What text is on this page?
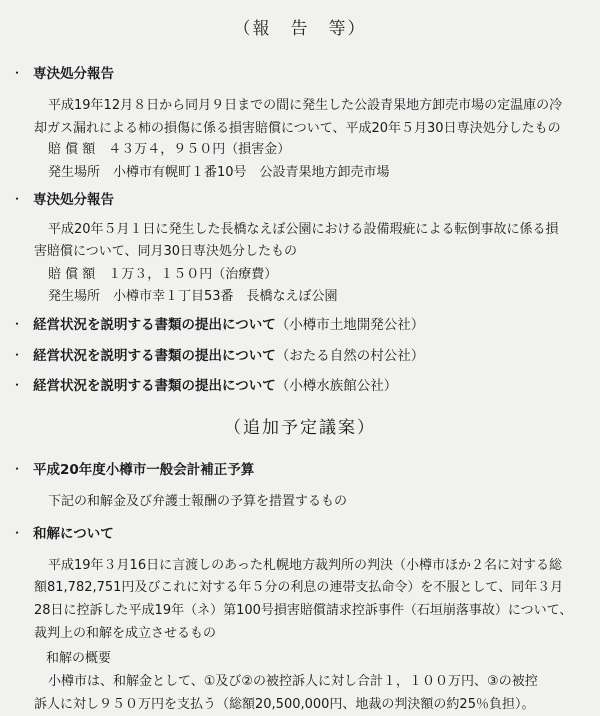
（報　告　等）
・ 専決処分報告
平成19年12月８日から同月９日までの間に発生した公設青果地方卸売市場の定温庫の冷
却ガス漏れによる柿の損傷に係る損害賠償について、平成20年５月30日専決処分したもの
賠 償 額　４３万４，９５０円（損害金）
発生場所　小樽市有幌町１番10号　公設青果地方卸売市場
・ 専決処分報告
平成20年５月１日に発生した長橋なえぼ公園における設備瑕疵による転倒事故に係る損
害賠償について、同月30日専決処分したもの
賠 償 額　１万３，１５０円（治療費）
発生場所　小樽市幸１丁目53番　長橋なえぼ公園
・ 経営状況を説明する書類の提出について（小樽市土地開発公社）
・ 経営状況を説明する書類の提出について（おたる自然の村公社）
・ 経営状況を説明する書類の提出について（小樽水族館公社）
（追加予定議案）
・ 平成20年度小樽市一般会計補正予算
下記の和解金及び弁護士報酬の予算を措置するもの
・ 和解について
平成19年３月16日に言渡しのあった札幌地方裁判所の判決（小樽市ほか２名に対する総
額81,782,751円及びこれに対する年５分の利息の連帯支払命令）を不服として、同年３月
28日に控訴した平成19年（ネ）第100号損害賠償請求控訴事件（石垣崩落事故）について、
裁判上の和解を成立させるもの
和解の概要
小樽市は、和解金として、①及び②の被控訴人に対し合計１，１００万円、③の被控
訴人に対し９５０万円を支払う（総額20,500,000円、地裁の判決額の約25％負担）。
